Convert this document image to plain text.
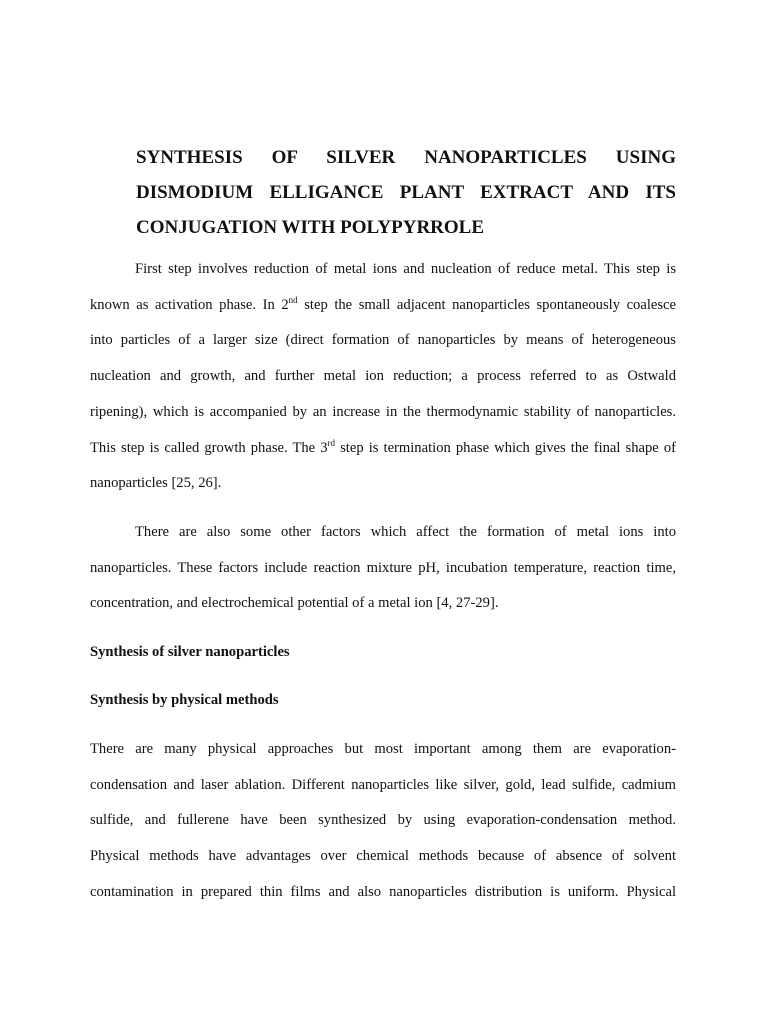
SYNTHESIS OF SILVER NANOPARTICLES USING
DISMODIUM ELLIGANCE PLANT EXTRACT AND ITS
CONJUGATION WITH POLYPYRROLE
First step involves reduction of metal ions and nucleation of reduce metal. This step is
known as activation phase. In 2nd step the small adjacent nanoparticles spontaneously coalesce
into particles of a larger size (direct formation of nanoparticles by means of heterogeneous
nucleation and growth, and further metal ion reduction; a process referred to as Ostwald
ripening), which is accompanied by an increase in the thermodynamic stability of nanoparticles.
This step is called growth phase. The 3rd step is termination phase which gives the final shape of
nanoparticles [25, 26].
There are also some other factors which affect the formation of metal ions into
nanoparticles. These factors include reaction mixture pH, incubation temperature, reaction time,
concentration, and electrochemical potential of a metal ion [4, 27-29].
Synthesis of silver nanoparticles
Synthesis by physical methods
There are many physical approaches but most important among them are evaporation-
condensation and laser ablation. Different nanoparticles like silver, gold, lead sulfide, cadmium
sulfide, and fullerene have been synthesized by using evaporation-condensation method.
Physical methods have advantages over chemical methods because of absence of solvent
contamination in prepared thin films and also nanoparticles distribution is uniform. Physical
